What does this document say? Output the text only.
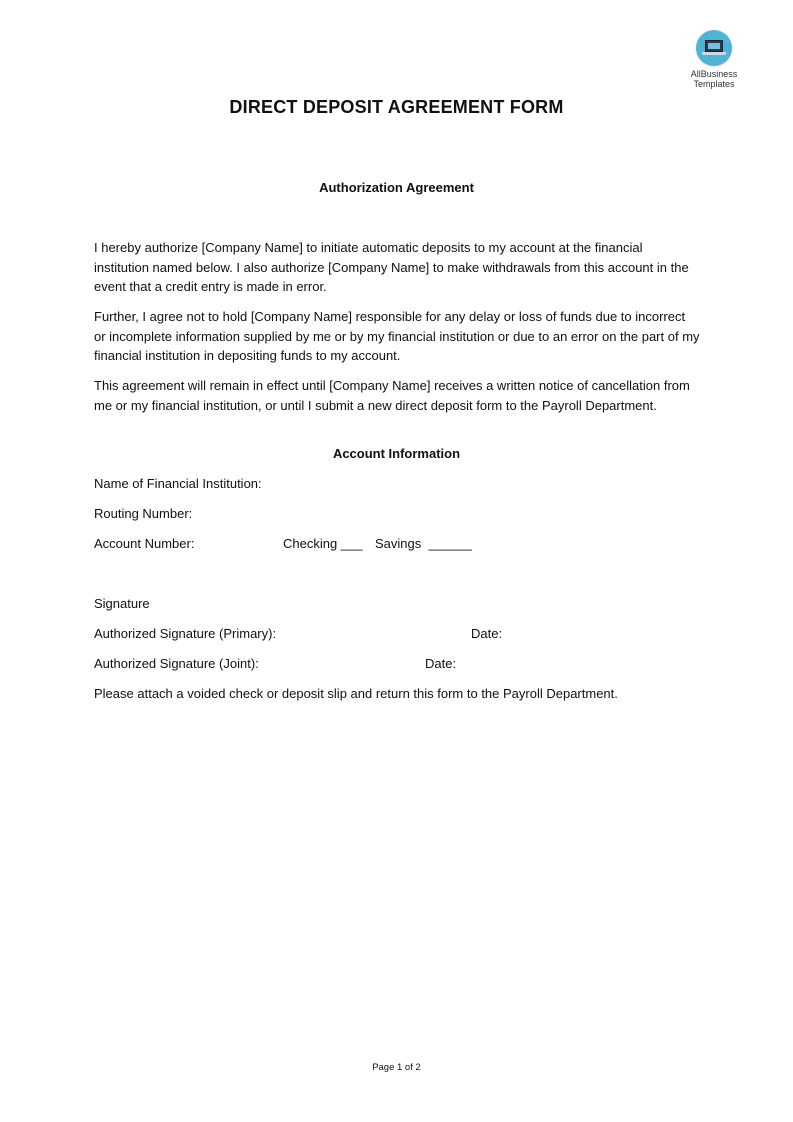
AllBusiness
Templates
DIRECT DEPOSIT AGREEMENT FORM
Authorization Agreement

I hereby authorize [Company Name] to initiate automatic deposits to my account at the financial institution named below. I also authorize [Company Name] to make withdrawals from this account in the event that a credit entry is made in error.

Further, I agree not to hold [Company Name] responsible for any delay or loss of funds due to incorrect or incomplete information supplied by me or by my financial institution or due to an error on the part of my financial institution in depositing funds to my account.

This agreement will remain in effect until [Company Name] receives a written notice of cancellation from me or my financial institution, or until I submit a new direct deposit form to the Payroll Department.

Account Information
Name of Financial Institution:
Routing Number:
Account Number:	Checking ___ Savings  ______
Signature
Authorized Signature (Primary):	Date:
Authorized Signature (Joint):	Date:
Please attach a voided check or deposit slip and return this form to the Payroll Department.
Page 1 of 2
